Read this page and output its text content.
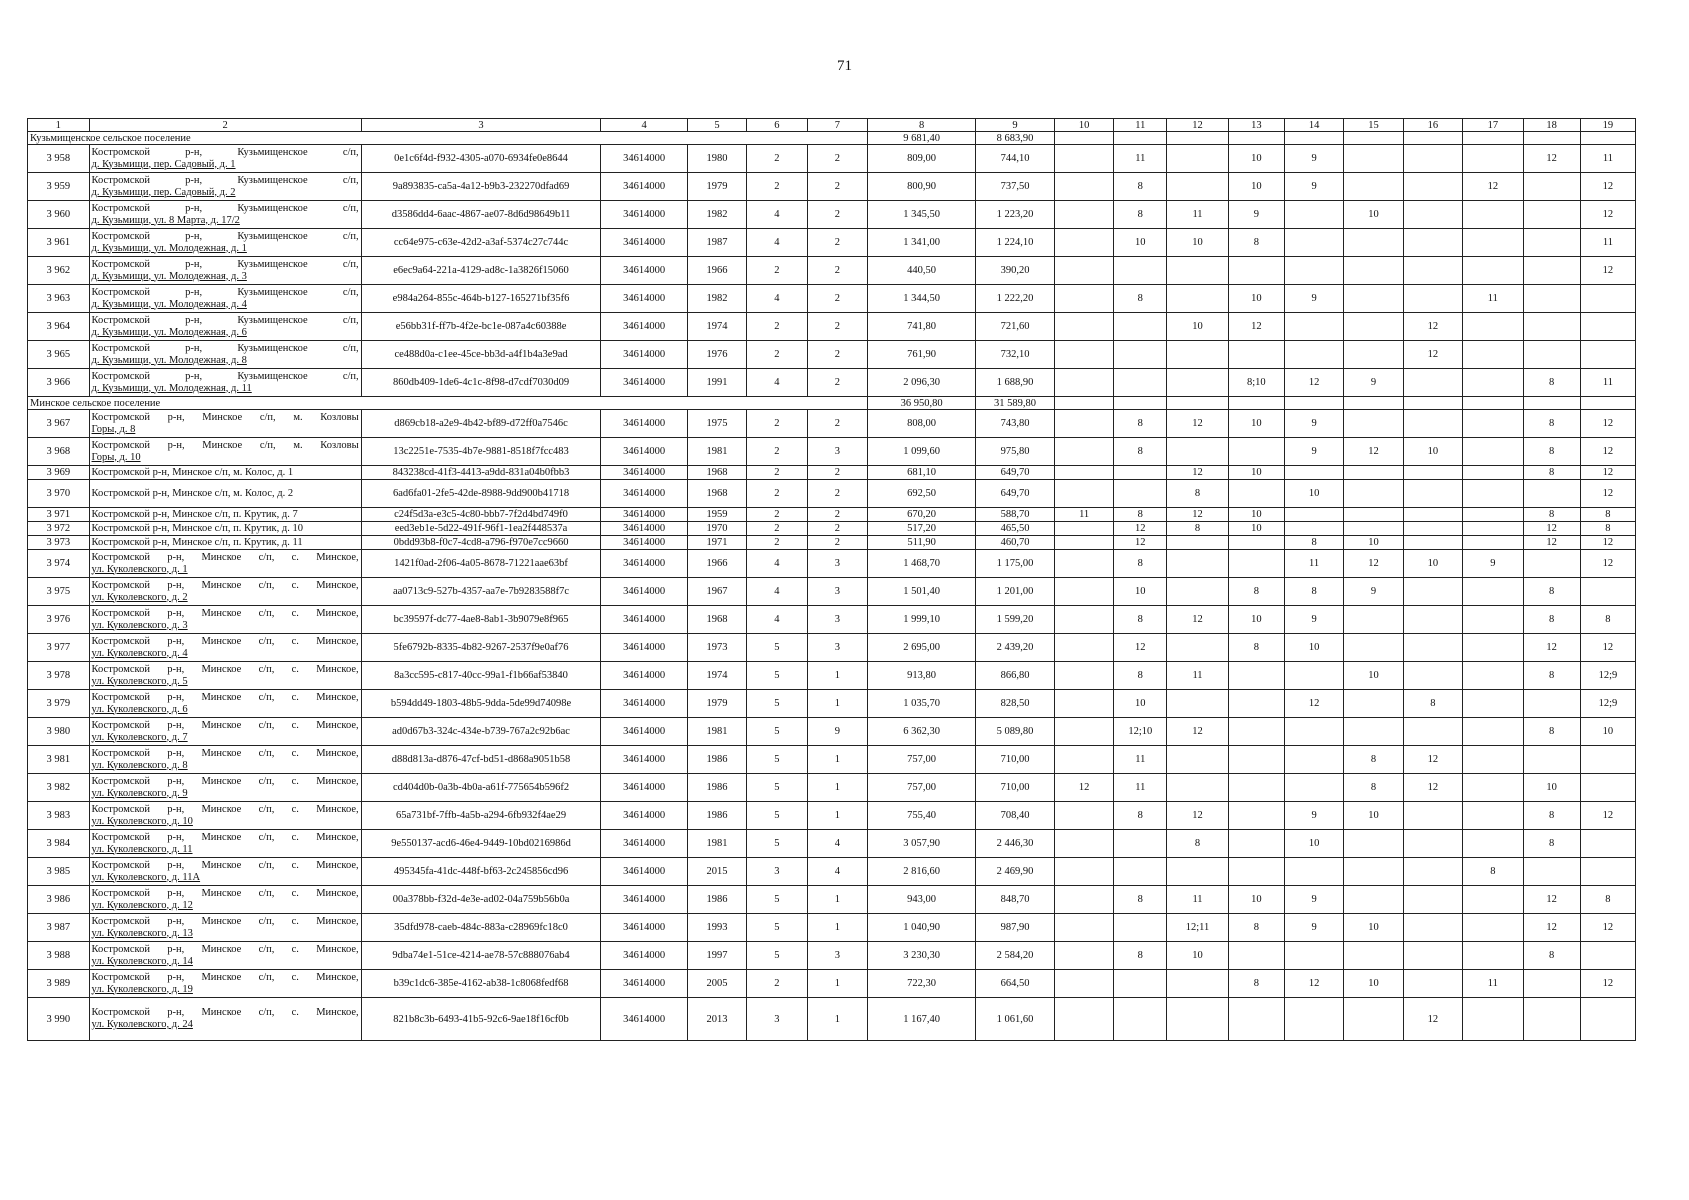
71
1	2	3	4	5	6	7	8	9	10	11	12	13	14	15	16	17	18	19
Кузьмищенское сельское поселение							9 681,40	8 683,90										
3 958	Костромской р-н, Кузьмищенское с/п,
д. Кузьмищи, пер. Садовый, д. 1	0e1c6f4d-f932-4305-a070-6934fe0e8644	34614000	1980	2	2	809,00	744,10		11		10	9				12	11
3 959	Костромской р-н, Кузьмищенское с/п,
д. Кузьмищи, пер. Садовый, д. 2	9a893835-ca5a-4a12-b9b3-232270dfad69	34614000	1979	2	2	800,90	737,50		8		10	9			12		12
3 960	Костромской р-н, Кузьмищенское с/п,
д. Кузьмищи, ул. 8 Марта, д. 17/2	d3586dd4-6aac-4867-ae07-8d6d98649b11	34614000	1982	4	2	1 345,50	1 223,20		8	11	9		10				12
3 961	Костромской р-н, Кузьмищенское с/п,
д. Кузьмищи, ул. Молодежная, д. 1	cc64e975-c63e-42d2-a3af-5374c27c744c	34614000	1987	4	2	1 341,00	1 224,10		10	10	8						11
3 962	Костромской р-н, Кузьмищенское с/п,
д. Кузьмищи, ул. Молодежная, д. 3	e6ec9a64-221a-4129-ad8c-1a3826f15060	34614000	1966	2	2	440,50	390,20										12
3 963	Костромской р-н, Кузьмищенское с/п,
д. Кузьмищи, ул. Молодежная, д. 4	e984a264-855c-464b-b127-165271bf35f6	34614000	1982	4	2	1 344,50	1 222,20		8		10	9			11		
3 964	Костромской р-н, Кузьмищенское с/п,
д. Кузьмищи, ул. Молодежная, д. 6	e56bb31f-ff7b-4f2e-bc1e-087a4c60388e	34614000	1974	2	2	741,80	721,60			10	12			12			
3 965	Костромской р-н, Кузьмищенское с/п,
д. Кузьмищи, ул. Молодежная, д. 8	ce488d0a-c1ee-45ce-bb3d-a4f1b4a3e9ad	34614000	1976	2	2	761,90	732,10							12			
3 966	Костромской р-н, Кузьмищенское с/п,
д. Кузьмищи, ул. Молодежная, д. 11	860db409-1de6-4c1c-8f98-d7cdf7030d09	34614000	1991	4	2	2 096,30	1 688,90				8;10	12	9			8	11
Минское сельское поселение							36 950,80	31 589,80										
3 967	Костромской р-н, Минское с/п, м. Козловы
Горы, д. 8	d869cb18-a2e9-4b42-bf89-d72ff0a7546c	34614000	1975	2	2	808,00	743,80		8	12	10	9				8	12
3 968	Костромской р-н, Минское с/п, м. Козловы
Горы, д. 10	13c2251e-7535-4b7e-9881-8518f7fcc483	34614000	1981	2	3	1 099,60	975,80		8			9	12	10		8	12
3 969	Костромской р-н, Минское с/п, м. Колос, д. 1	843238cd-41f3-4413-a9dd-831a04b0fbb3	34614000	1968	2	2	681,10	649,70			12	10					8	12
3 970	Костромской р-н, Минское с/п, м. Колос, д. 2	6ad6fa01-2fe5-42de-8988-9dd900b41718	34614000	1968	2	2	692,50	649,70			8		10					12
3 971	Костромской р-н, Минское с/п, п. Крутик, д. 7	c24f5d3a-e3c5-4c80-bbb7-7f2d4bd749f0	34614000	1959	2	2	670,20	588,70	11	8	12	10					8	8
3 972	Костромской р-н, Минское с/п, п. Крутик, д. 10	eed3eb1e-5d22-491f-96f1-1ea2f448537a	34614000	1970	2	2	517,20	465,50		12	8	10					12	8
3 973	Костромской р-н, Минское с/п, п. Крутик, д. 11	0bdd93b8-f0c7-4cd8-a796-f970e7cc9660	34614000	1971	2	2	511,90	460,70		12			8	10			12	12
3 974	Костромской р-н, Минское с/п, с. Минское,
ул. Куколевского, д. 1	1421f0ad-2f06-4a05-8678-71221aae63bf	34614000	1966	4	3	1 468,70	1 175,00		8			11	12	10	9		12
3 975	Костромской р-н, Минское с/п, с. Минское,
ул. Куколевского, д. 2	aa0713c9-527b-4357-aa7e-7b9283588f7c	34614000	1967	4	3	1 501,40	1 201,00		10		8	8	9			8	
3 976	Костромской р-н, Минское с/п, с. Минское,
ул. Куколевского, д. 3	bc39597f-dc77-4ae8-8ab1-3b9079e8f965	34614000	1968	4	3	1 999,10	1 599,20		8	12	10	9				8	8
3 977	Костромской р-н, Минское с/п, с. Минское,
ул. Куколевского, д. 4	5fe6792b-8335-4b82-9267-2537f9e0af76	34614000	1973	5	3	2 695,00	2 439,20		12		8	10				12	12
3 978	Костромской р-н, Минское с/п, с. Минское,
ул. Куколевского, д. 5	8a3cc595-c817-40cc-99a1-f1b66af53840	34614000	1974	5	1	913,80	866,80		8	11			10			8	12;9
3 979	Костромской р-н, Минское с/п, с. Минское,
ул. Куколевского, д. 6	b594dd49-1803-48b5-9dda-5de99d74098e	34614000	1979	5	1	1 035,70	828,50		10			12		8			12;9
3 980	Костромской р-н, Минское с/п, с. Минское,
ул. Куколевского, д. 7	ad0d67b3-324c-434e-b739-767a2c92b6ac	34614000	1981	5	9	6 362,30	5 089,80		12;10	12						8	10
3 981	Костромской р-н, Минское с/п, с. Минское,
ул. Куколевского, д. 8	d88d813a-d876-47cf-bd51-d868a9051b58	34614000	1986	5	1	757,00	710,00		11				8	12			
3 982	Костромской р-н, Минское с/п, с. Минское,
ул. Куколевского, д. 9	cd404d0b-0a3b-4b0a-a61f-775654b596f2	34614000	1986	5	1	757,00	710,00	12	11				8	12		10	
3 983	Костромской р-н, Минское с/п, с. Минское,
ул. Куколевского, д. 10	65a731bf-7ffb-4a5b-a294-6fb932f4ae29	34614000	1986	5	1	755,40	708,40		8	12		9	10			8	12
3 984	Костромской р-н, Минское с/п, с. Минское,
ул. Куколевского, д. 11	9e550137-acd6-46e4-9449-10bd0216986d	34614000	1981	5	4	3 057,90	2 446,30			8		10				8	
3 985	Костромской р-н, Минское с/п, с. Минское,
ул. Куколевского, д. 11А	495345fa-41dc-448f-bf63-2c245856cd96	34614000	2015	3	4	2 816,60	2 469,90								8		
3 986	Костромской р-н, Минское с/п, с. Минское,
ул. Куколевского, д. 12	00a378bb-f32d-4e3e-ad02-04a759b56b0a	34614000	1986	5	1	943,00	848,70		8	11	10	9				12	8
3 987	Костромской р-н, Минское с/п, с. Минское,
ул. Куколевского, д. 13	35dfd978-caeb-484c-883a-c28969fc18c0	34614000	1993	5	1	1 040,90	987,90			12;11	8	9	10			12	12
3 988	Костромской р-н, Минское с/п, с. Минское,
ул. Куколевского, д. 14	9dba74e1-51ce-4214-ae78-57c888076ab4	34614000	1997	5	3	3 230,30	2 584,20		8	10						8	
3 989	Костромской р-н, Минское с/п, с. Минское,
ул. Куколевского, д. 19	b39c1dc6-385e-4162-ab38-1c8068fedf68	34614000	2005	2	1	722,30	664,50				8	12	10		11		12
3 990	Костромской р-н, Минское с/п, с. Минское,
ул. Куколевского, д. 24	821b8c3b-6493-41b5-92c6-9ae18f16cf0b	34614000	2013	3	1	1 167,40	1 061,60							12			
